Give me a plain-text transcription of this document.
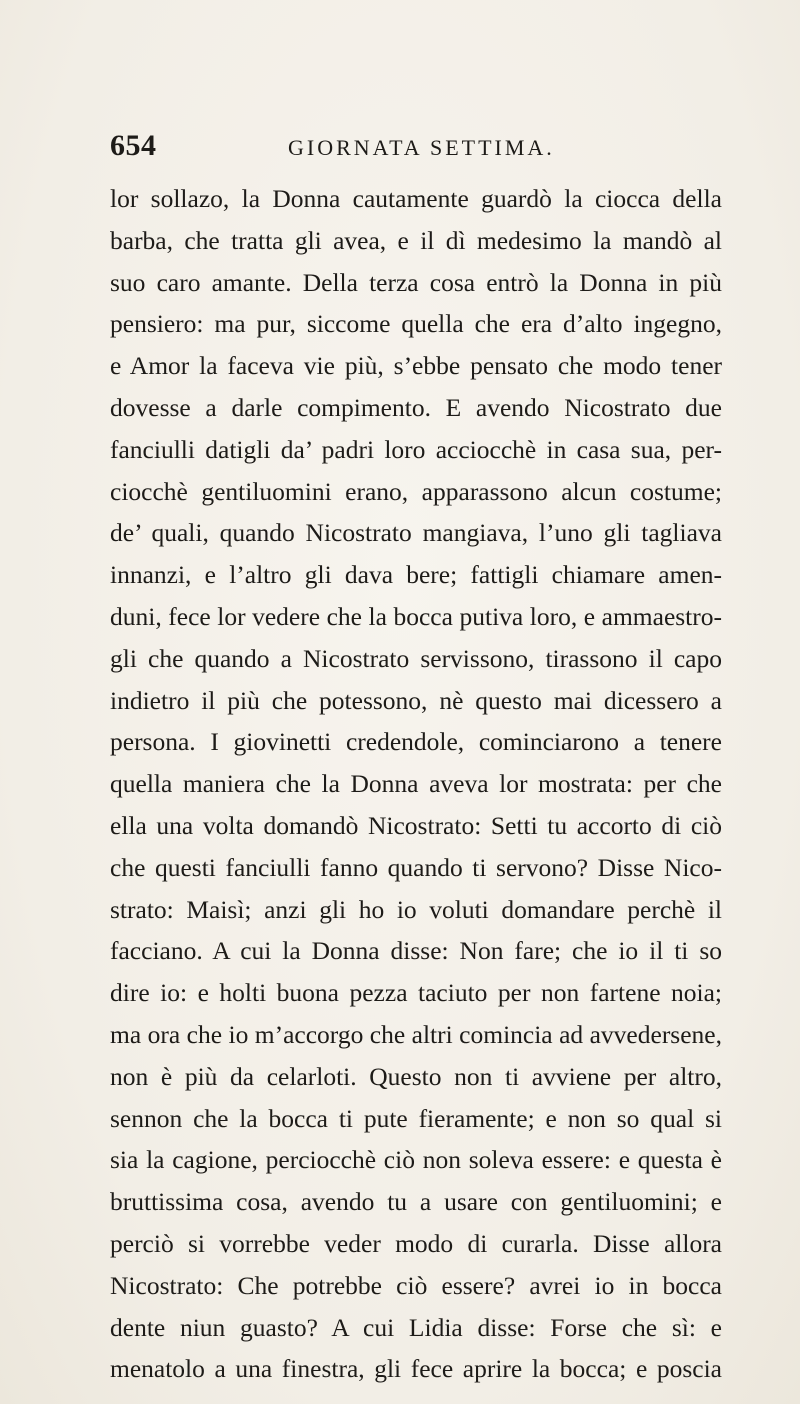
654	GIORNATA SETTIMA.
lor sollazo, la Donna cautamente guardò la ciocca della
barba, che tratta gli avea, e il dì medesimo la mandò al
suo caro amante. Della terza cosa entrò la Donna in più
pensiero: ma pur, siccome quella che era d’alto ingegno,
e Amor la faceva vie più, s’ebbe pensato che modo tener
dovesse a darle compimento. E avendo Nicostrato due
fanciulli datigli da’ padri loro acciocchè in casa sua, per-
ciocchè gentiluomini erano, apparassono alcun costume;
de’ quali, quando Nicostrato mangiava, l’uno gli tagliava
innanzi, e l’altro gli dava bere; fattigli chiamare amen-
duni, fece lor vedere che la bocca putiva loro, e ammaestro-
gli che quando a Nicostrato servissono, tirassono il capo
indietro il più che potessono, nè questo mai dicessero a
persona. I giovinetti credendole, cominciarono a tenere
quella maniera che la Donna aveva lor mostrata: per che
ella una volta domandò Nicostrato: Setti tu accorto di ciò
che questi fanciulli fanno quando ti servono? Disse Nico-
strato: Maisì; anzi gli ho io voluti domandare perchè il
facciano. A cui la Donna disse: Non fare; che io il ti so
dire io: e holti buona pezza taciuto per non fartene noia;
ma ora che io m’accorgo che altri comincia ad avvedersene,
non è più da celarloti. Questo non ti avviene per altro,
sennon che la bocca ti pute fieramente; e non so qual si
sia la cagione, perciocchè ciò non soleva essere: e questa è
bruttissima cosa, avendo tu a usare con gentiluomini; e
perciò si vorrebbe veder modo di curarla. Disse allora
Nicostrato: Che potrebbe ciò essere? avrei io in bocca
dente niun guasto? A cui Lidia disse: Forse che sì: e
menatolo a una finestra, gli fece aprire la bocca; e poscia
